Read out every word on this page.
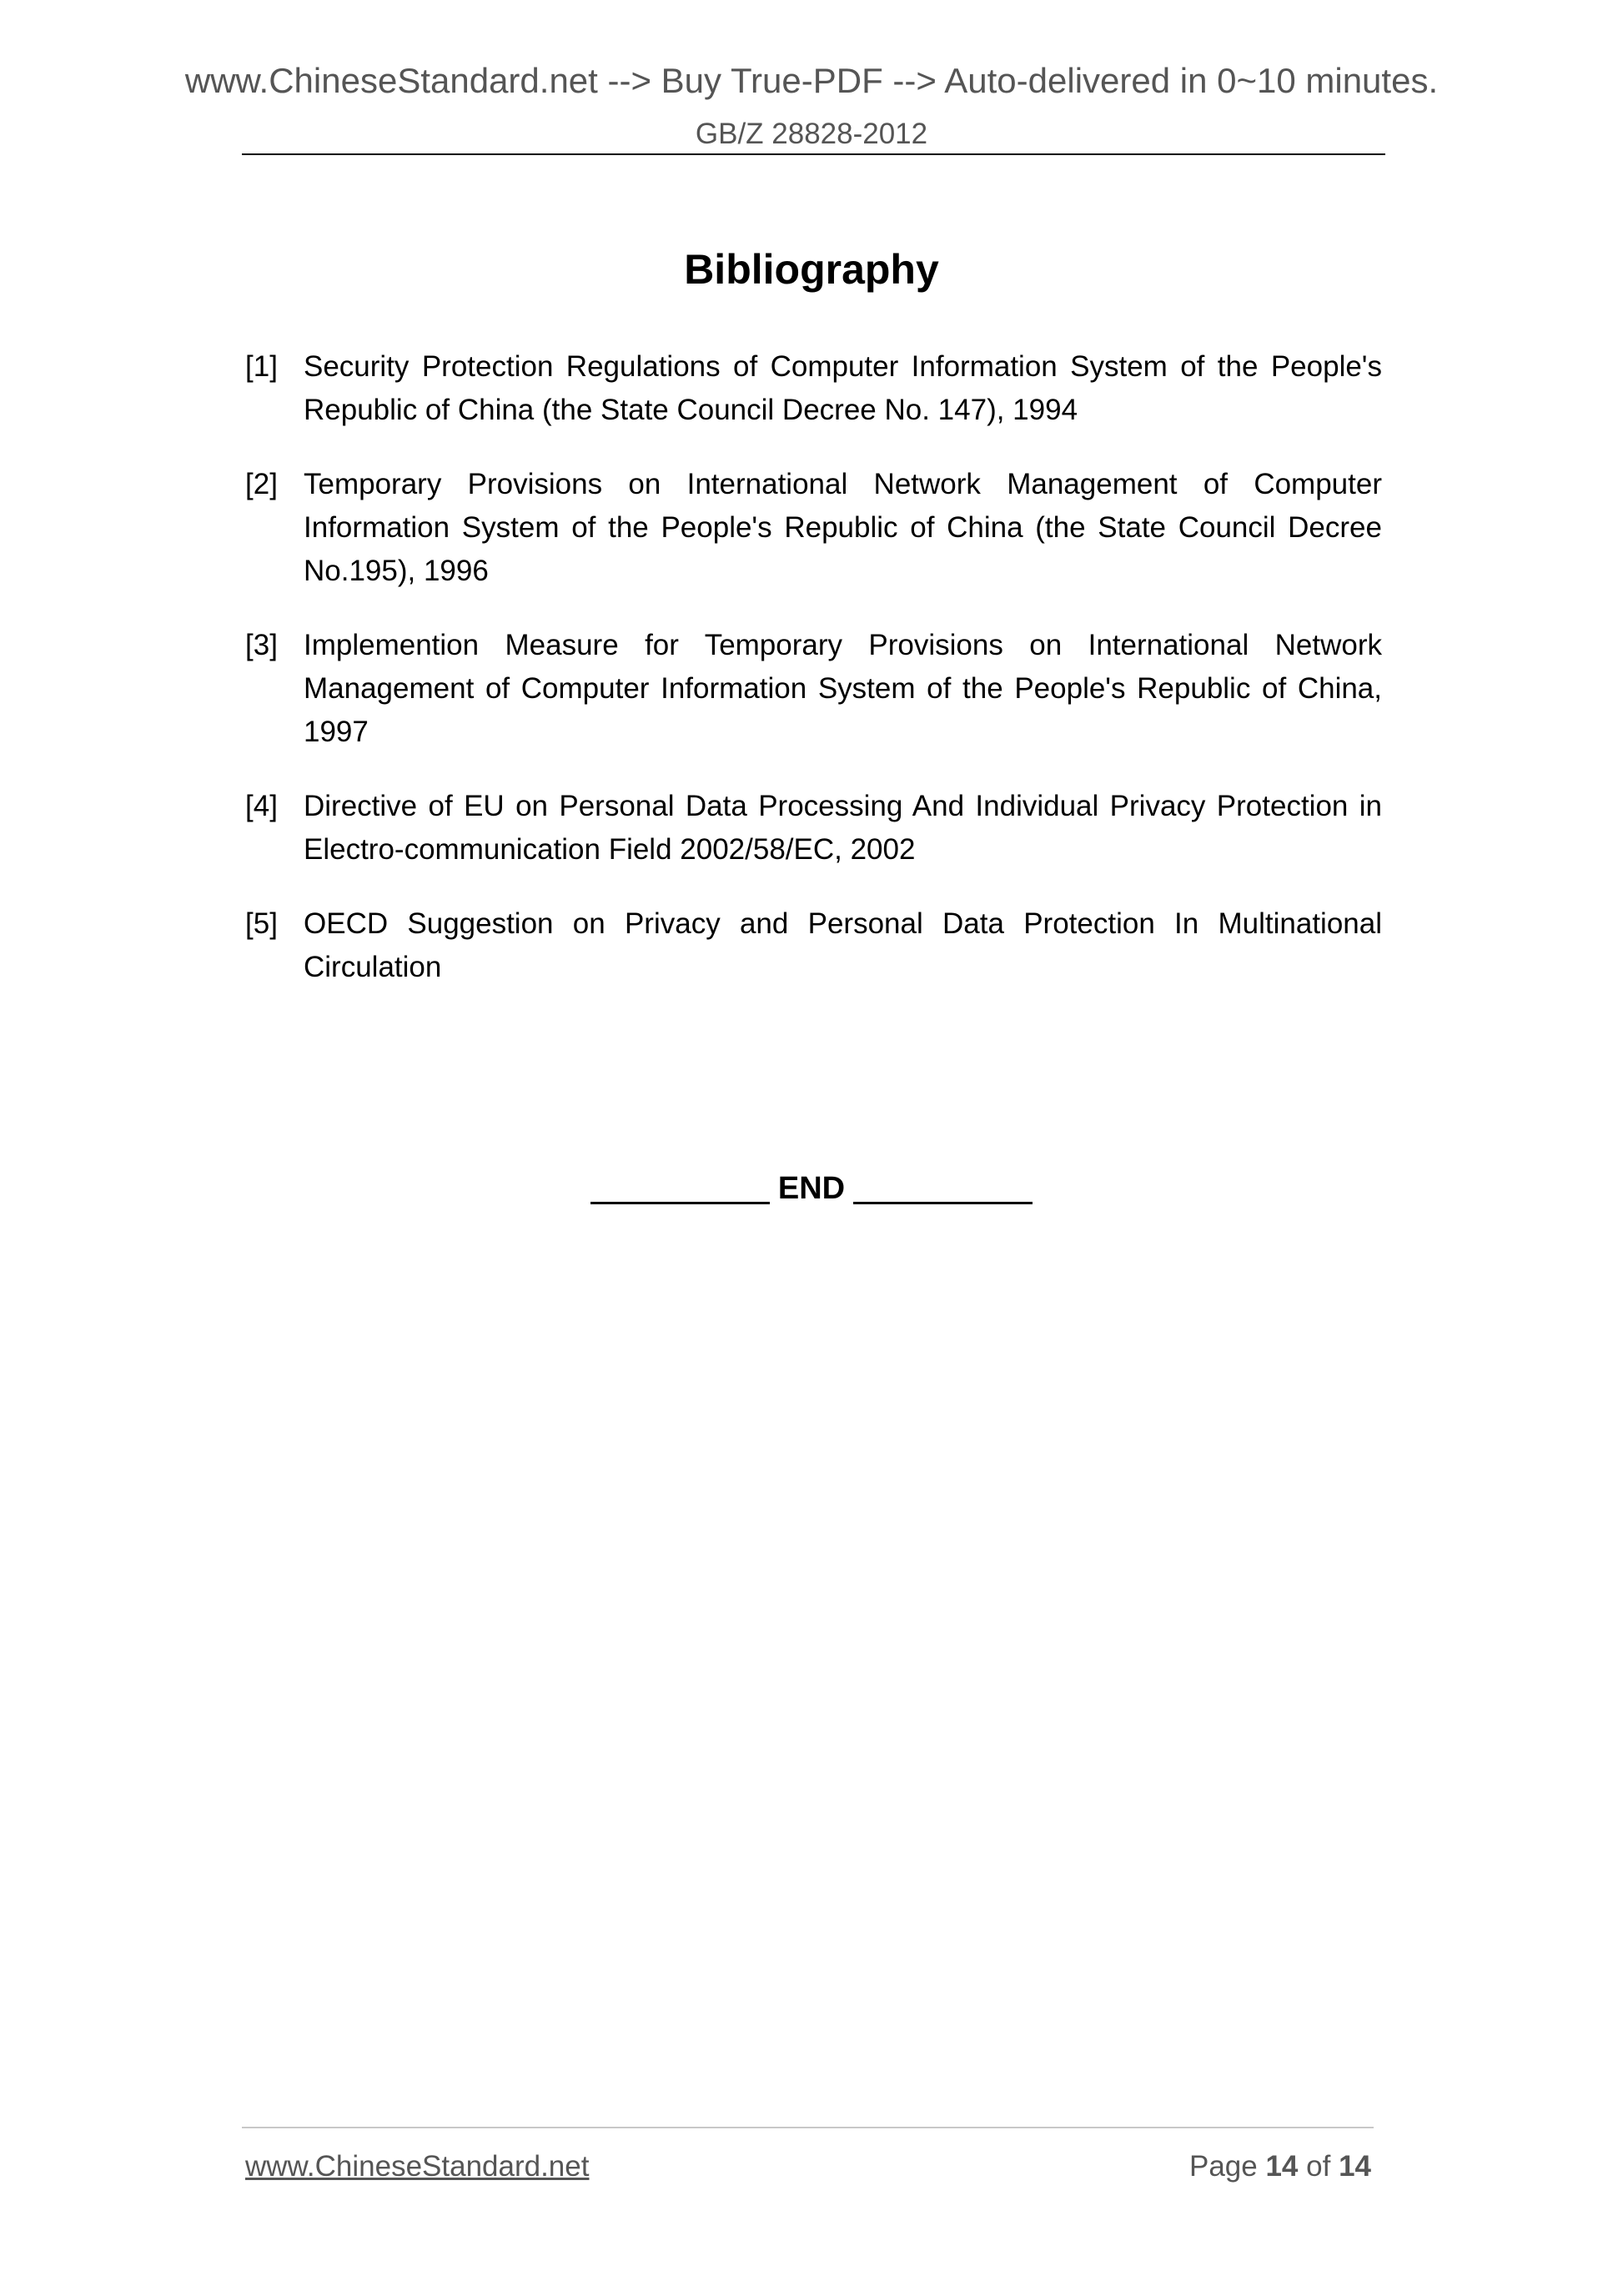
www.ChineseStandard.net --> Buy True-PDF --> Auto-delivered in 0~10 minutes.
GB/Z 28828-2012
Bibliography
[1] Security Protection Regulations of Computer Information System of the People's Republic of China (the State Council Decree No. 147), 1994
[2] Temporary Provisions on International Network Management of Computer Information System of the People's Republic of China (the State Council Decree No.195), 1996
[3] Implemention Measure for Temporary Provisions on International Network Management of Computer Information System of the People's Republic of China, 1997
[4] Directive of EU on Personal Data Processing And Individual Privacy Protection in Electro-communication Field 2002/58/EC, 2002
[5] OECD Suggestion on Privacy and Personal Data Protection In Multinational Circulation
END
www.ChineseStandard.net	Page 14 of 14
